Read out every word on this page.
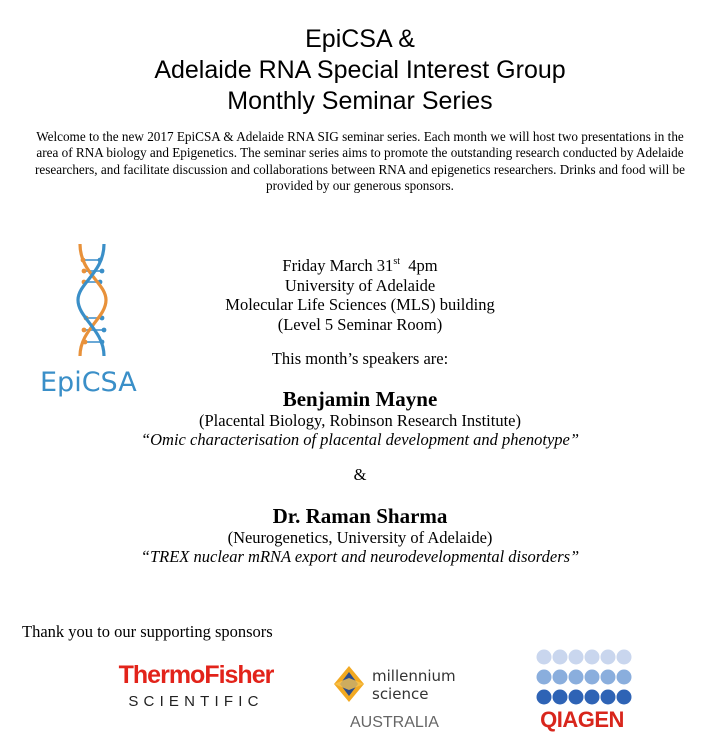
EpiCSA &
Adelaide RNA Special Interest Group
Monthly Seminar Series
Welcome to the new 2017 EpiCSA & Adelaide RNA SIG seminar series. Each month we will host two presentations in the area of RNA biology and Epigenetics. The seminar series aims to promote the outstanding research conducted by Adelaide researchers, and facilitate discussion and collaborations between RNA and epigenetics researchers. Drinks and food will be provided by our generous sponsors.
EpiCSA
Friday March 31st 4pm
University of Adelaide
Molecular Life Sciences (MLS) building
(Level 5 Seminar Room)
This month’s speakers are:
Benjamin Mayne
(Placental Biology, Robinson Research Institute)
“Omic characterisation of placental development and phenotype”
&
Dr. Raman Sharma
(Neurogenetics, University of Adelaide)
“TREX nuclear mRNA export and neurodevelopmental disorders”
Thank you to our supporting sponsors
ThermoFisher
SCIENTIFIC
millennium
science
AUSTRALIA	QIAGEN
